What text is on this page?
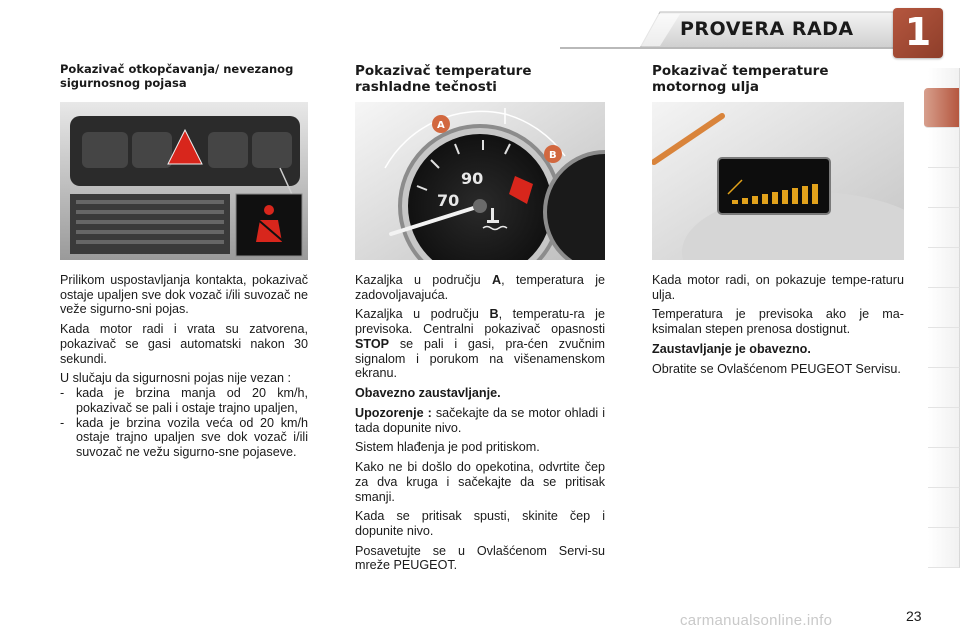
PROVERA RADA	1
Pokazivač otkopčavanja/ nevezanog sigurnosnog pojasa

Prilikom uspostavljanja kontakta, pokazivač ostaje upaljen sve dok vozač i/ili suvozač ne veže sigurno-sni pojas.

Kada motor radi i vrata su zatvorena, pokazivač se gasi automatski nakon 30 sekundi.

U slučaju da sigurnosni pojas nije vezan :

- kada je brzina manja od 20 km/h, pokazivač se pali i ostaje trajno upaljen,
- kada je brzina vozila veća od 20 km/h ostaje trajno upaljen sve dok vozač i/ili suvozač ne vežu sigurno-sne pojaseve.
Pokazivač temperature rashladne tečnosti
70
90
A
B

Kazaljka u području A, temperatura je zadovoljavajuća.

Kazaljka u području B, temperatu-ra je previsoka. Centralni pokazivač opasnosti STOP se pali i gasi, pra-ćen zvučnim signalom i porukom na višenamenskom ekranu.

Obavezno zaustavljanje.

Upozorenje : sačekajte da se motor ohladi i tada dopunite nivo.

Sistem hlađenja je pod pritiskom.

Kako ne bi došlo do opekotina, odvrtite čep za dva kruga i sačekajte da se pritisak smanji.

Kada se pritisak spusti, skinite čep i dopunite nivo.

Posavetujte se u Ovlašćenom Servi-su mreže PEUGEOT.

Pokazivač temperature motornog ulja

Kada motor radi, on pokazuje tempe-raturu ulja.

Temperatura je previsoka ako je ma-ksimalan stepen prenosa dostignut.

Zaustavljanje je obavezno.

Obratite se Ovlašćenom PEUGEOT Servisu.

carmanualsonline.info	23
